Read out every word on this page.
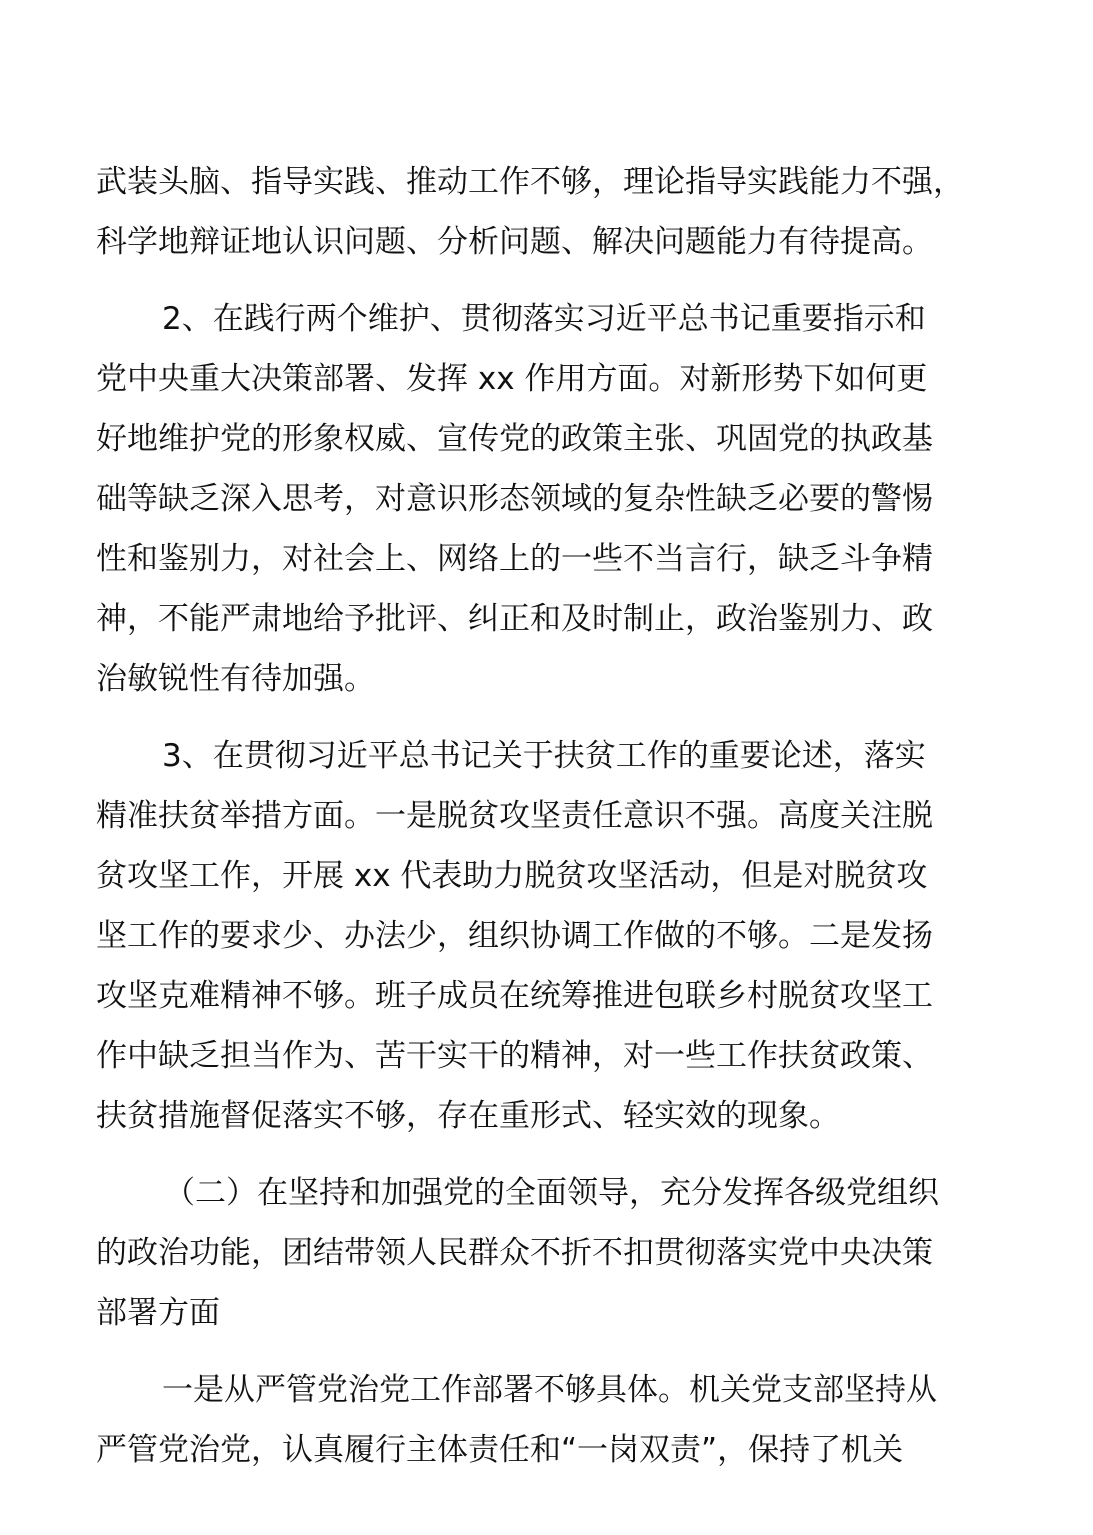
武装头脑、指导实践、推动工作不够，理论指导实践能力不强，
科学地辩证地认识问题、分析问题、解决问题能力有待提高。
2、在践行两个维护、贯彻落实习近平总书记重要指示和
党中央重大决策部署、发挥 xx 作用方面。对新形势下如何更
好地维护党的形象权威、宣传党的政策主张、巩固党的执政基
础等缺乏深入思考，对意识形态领域的复杂性缺乏必要的警惕
性和鉴别力，对社会上、网络上的一些不当言行，缺乏斗争精
神，不能严肃地给予批评、纠正和及时制止，政治鉴别力、政
治敏锐性有待加强。
3、在贯彻习近平总书记关于扶贫工作的重要论述，落实
精准扶贫举措方面。一是脱贫攻坚责任意识不强。高度关注脱
贫攻坚工作，开展 xx 代表助力脱贫攻坚活动，但是对脱贫攻
坚工作的要求少、办法少，组织协调工作做的不够。二是发扬
攻坚克难精神不够。班子成员在统筹推进包联乡村脱贫攻坚工
作中缺乏担当作为、苦干实干的精神，对一些工作扶贫政策、
扶贫措施督促落实不够，存在重形式、轻实效的现象。
（二）在坚持和加强党的全面领导，充分发挥各级党组织
的政治功能，团结带领人民群众不折不扣贯彻落实党中央决策
部署方面
一是从严管党治党工作部署不够具体。机关党支部坚持从
严管党治党，认真履行主体责任和“一岗双责”，保持了机关
